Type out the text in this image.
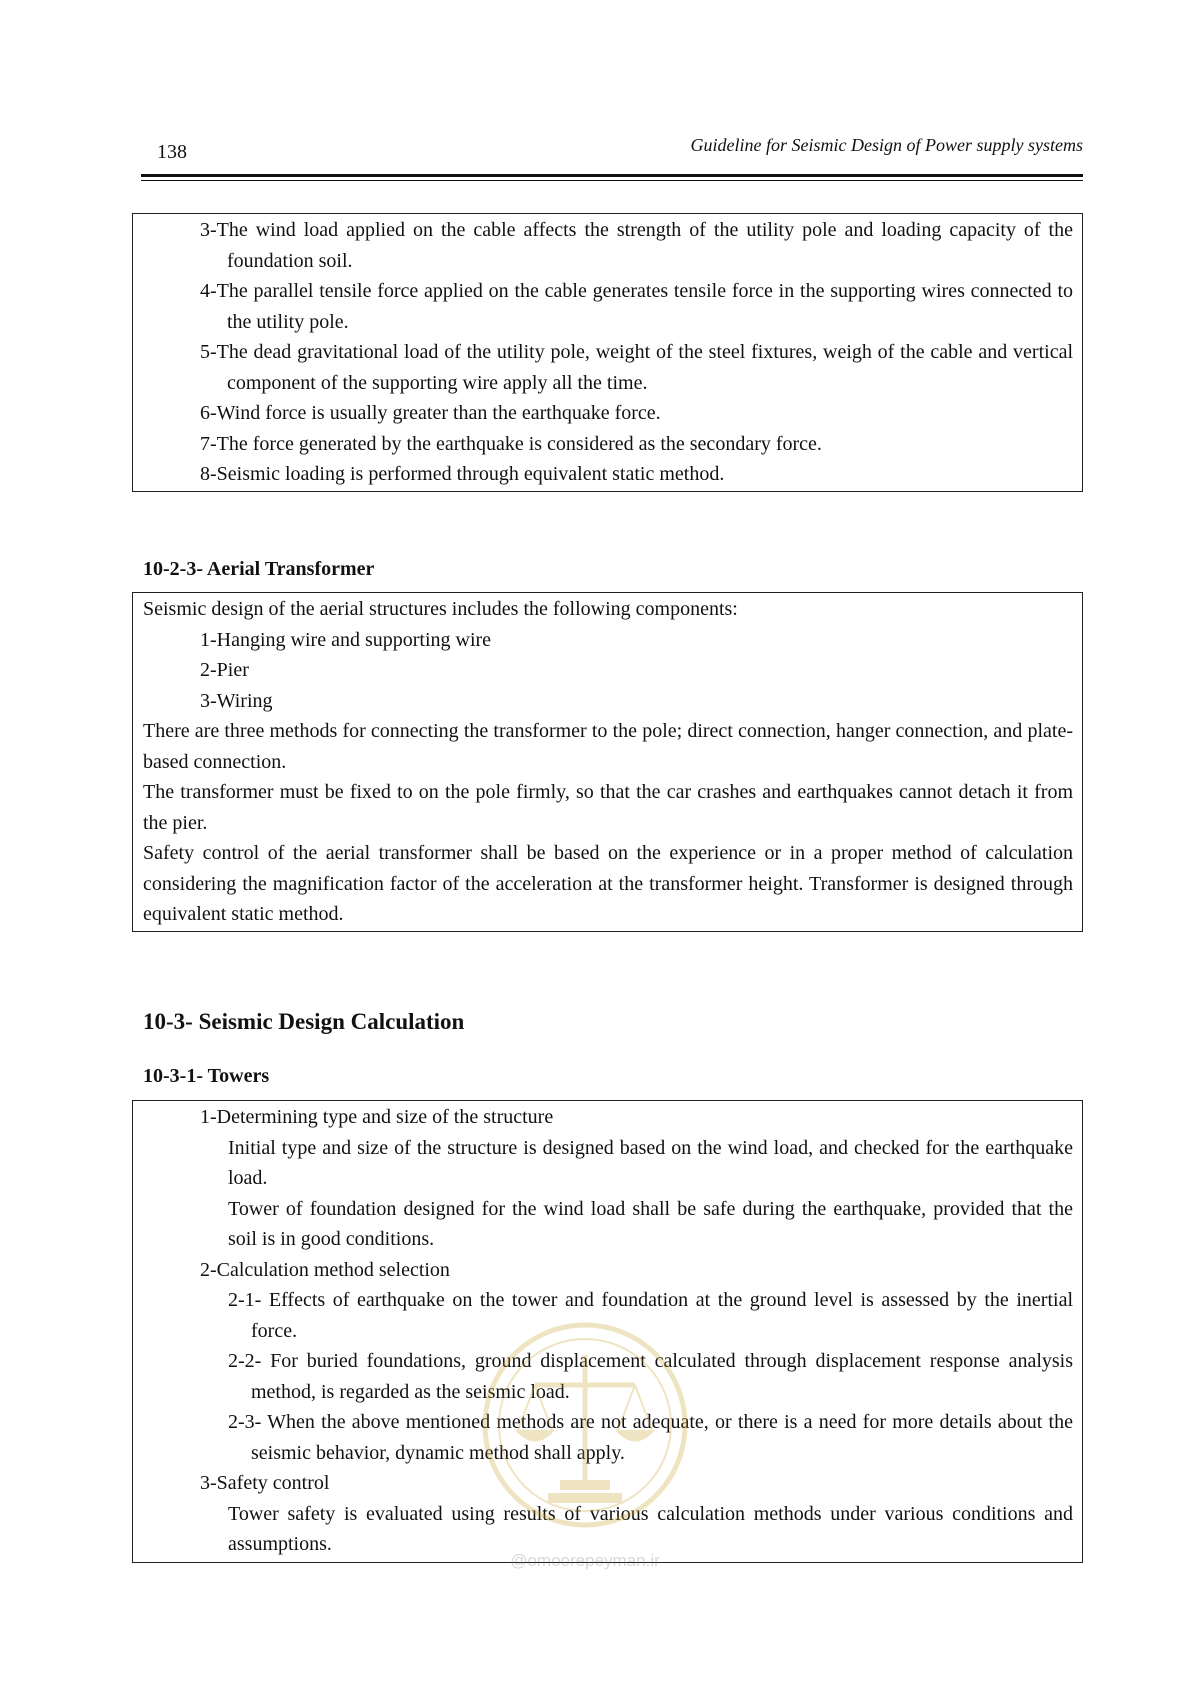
138	Guideline for Seismic Design of Power supply systems
3-The wind load applied on the cable affects the strength of the utility pole and loading capacity of the foundation soil.
4-The parallel tensile force applied on the cable generates tensile force in the supporting wires connected to the utility pole.
5-The dead gravitational load of the utility pole, weight of the steel fixtures, weigh of the cable and vertical component of the supporting wire apply all the time.
6-Wind force is usually greater than the earthquake force.
7-The force generated by the earthquake is considered as the secondary force.
8-Seismic loading is performed through equivalent static method.
10-2-3- Aerial Transformer
Seismic design of the aerial structures includes the following components:
1-Hanging wire and supporting wire
2-Pier
3-Wiring
There are three methods for connecting the transformer to the pole; direct connection, hanger connection, and plate-based connection.
The transformer must be fixed to on the pole firmly, so that the car crashes and earthquakes cannot detach it from the pier.
Safety control of the aerial transformer shall be based on the experience or in a proper method of calculation considering the magnification factor of the acceleration at the transformer height. Transformer is designed through equivalent static method.
10-3- Seismic Design Calculation
10-3-1- Towers
1-Determining type and size of the structure
Initial type and size of the structure is designed based on the wind load, and checked for the earthquake load.
Tower of foundation designed for the wind load shall be safe during the earthquake, provided that the soil is in good conditions.
2-Calculation method selection
2-1- Effects of earthquake on the tower and foundation at the ground level is assessed by the inertial force.
2-2- For buried foundations, ground displacement calculated through displacement response analysis method, is regarded as the seismic load.
2-3- When the above mentioned methods are not adequate, or there is a need for more details about the seismic behavior, dynamic method shall apply.
3-Safety control
Tower safety is evaluated using results of various calculation methods under various conditions and assumptions.
@omoorepeyman.ir
